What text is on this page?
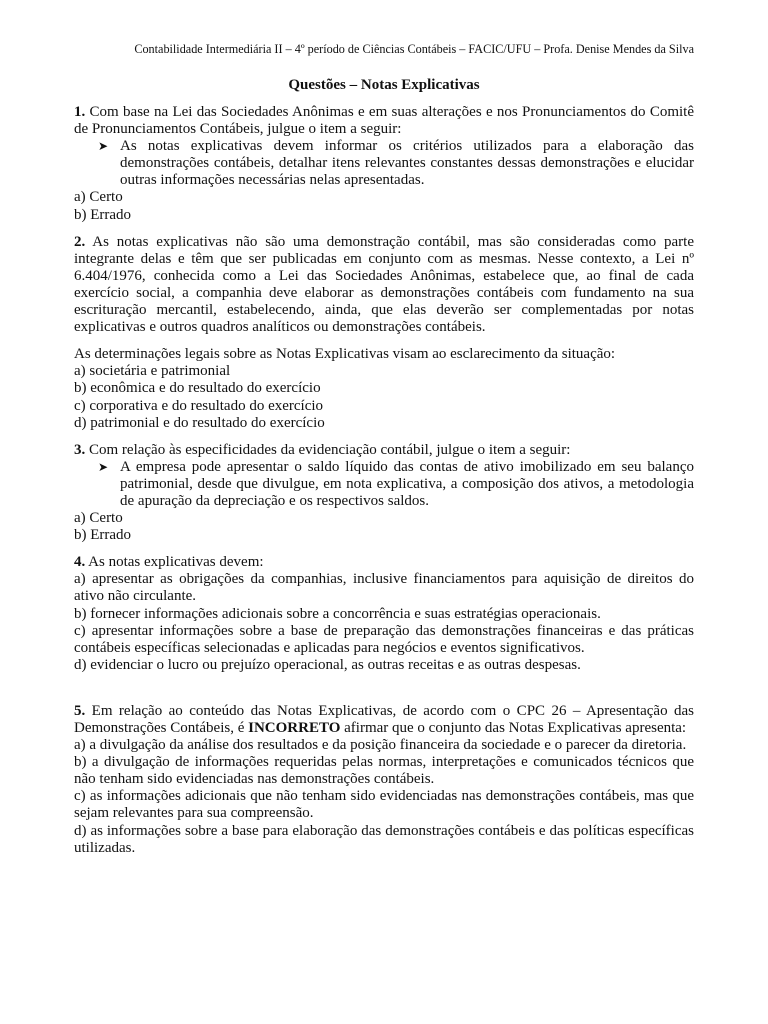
Contabilidade Intermediária II – 4º período de Ciências Contábeis – FACIC/UFU – Profa. Denise Mendes da Silva
Questões – Notas Explicativas

1. Com base na Lei das Sociedades Anônimas e em suas alterações e nos Pronunciamentos do Comitê de Pronunciamentos Contábeis, julgue o item a seguir:

➤ As notas explicativas devem informar os critérios utilizados para a elaboração das demonstrações contábeis, detalhar itens relevantes constantes dessas demonstrações e elucidar outras informações necessárias nelas apresentadas.

a) Certo

b) Errado

2. As notas explicativas não são uma demonstração contábil, mas são consideradas como parte integrante delas e têm que ser publicadas em conjunto com as mesmas. Nesse contexto, a Lei nº 6.404/1976, conhecida como a Lei das Sociedades Anônimas, estabelece que, ao final de cada exercício social, a companhia deve elaborar as demonstrações contábeis com fundamento na sua escrituração mercantil, estabelecendo, ainda, que elas deverão ser complementadas por notas explicativas e outros quadros analíticos ou demonstrações contábeis.

As determinações legais sobre as Notas Explicativas visam ao esclarecimento da situação:

a) societária e patrimonial

b) econômica e do resultado do exercício

c) corporativa e do resultado do exercício

d) patrimonial e do resultado do exercício

3. Com relação às especificidades da evidenciação contábil, julgue o item a seguir:

➤ A empresa pode apresentar o saldo líquido das contas de ativo imobilizado em seu balanço patrimonial, desde que divulgue, em nota explicativa, a composição dos ativos, a metodologia de apuração da depreciação e os respectivos saldos.

a) Certo

b) Errado

4. As notas explicativas devem:

a) apresentar as obrigações da companhias, inclusive financiamentos para aquisição de direitos do ativo não circulante.

b) fornecer informações adicionais sobre a concorrência e suas estratégias operacionais.

c) apresentar informações sobre a base de preparação das demonstrações financeiras e das práticas contábeis específicas selecionadas e aplicadas para negócios e eventos significativos.

d) evidenciar o lucro ou prejuízo operacional, as outras receitas e as outras despesas.

5. Em relação ao conteúdo das Notas Explicativas, de acordo com o CPC 26 – Apresentação das Demonstrações Contábeis, é INCORRETO afirmar que o conjunto das Notas Explicativas apresenta:

a) a divulgação da análise dos resultados e da posição financeira da sociedade e o parecer da diretoria.

b) a divulgação de informações requeridas pelas normas, interpretações e comunicados técnicos que não tenham sido evidenciadas nas demonstrações contábeis.

c) as informações adicionais que não tenham sido evidenciadas nas demonstrações contábeis, mas que sejam relevantes para sua compreensão.

d) as informações sobre a base para elaboração das demonstrações contábeis e das políticas específicas utilizadas.
